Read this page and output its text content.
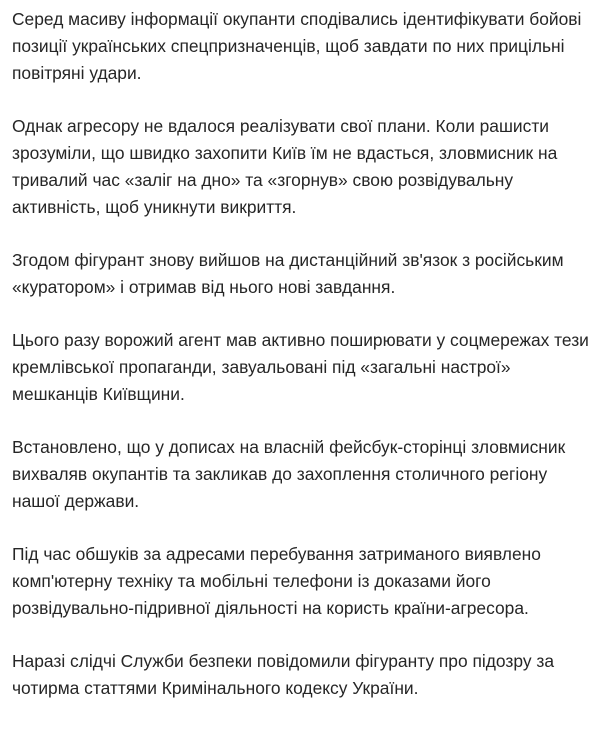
Серед масиву інформації окупанти сподівались ідентифікувати бойові позиції українських спецпризначенців, щоб завдати по них прицільні повітряні удари.

Однак агресору не вдалося реалізувати свої плани. Коли рашисти зрозуміли, що швидко захопити Київ їм не вдасться, зловмисник на тривалий час «заліг на дно» та «згорнув» свою розвідувальну активність, щоб уникнути викриття.

Згодом фігурант знову вийшов на дистанційний зв'язок з російським «куратором» і отримав від нього нові завдання.

Цього разу ворожий агент мав активно поширювати у соцмережах тези кремлівської пропаганди, завуальовані під «загальні настрої» мешканців Київщини.

Встановлено, що у дописах на власній фейсбук-сторінці зловмисник вихваляв окупантів та закликав до захоплення столичного регіону нашої держави.

Під час обшуків за адресами перебування затриманого виявлено комп'ютерну техніку та мобільні телефони із доказами його розвідувально-підривної діяльності на користь країни-агресора.

Наразі слідчі Служби безпеки повідомили фігуранту про підозру за чотирма статтями Кримінального кодексу України.
